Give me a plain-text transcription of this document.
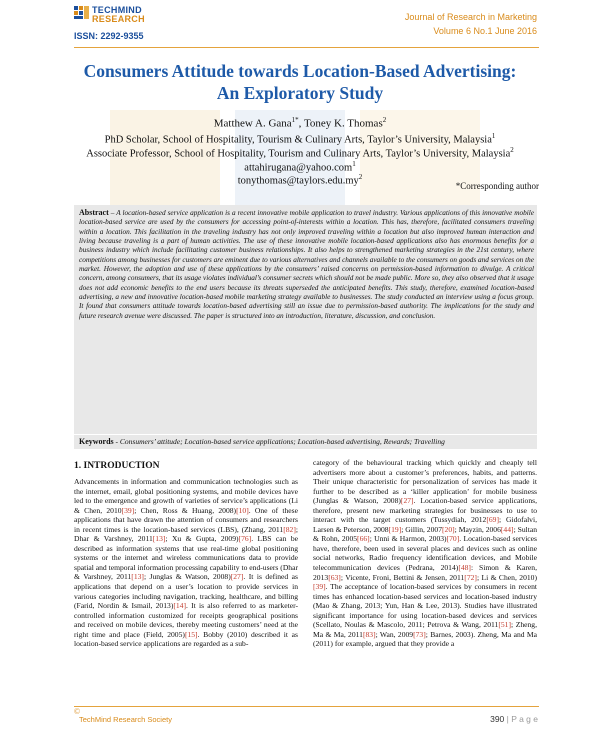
TECHMIND
RESEARCH
ISSN: 2292-9355
Journal of Research in Marketing
Volume 6 No.1 June 2016
Consumers Attitude towards Location-Based Advertising:
An Exploratory Study
Matthew A. Gana$^{1*}$, Toney K. Thomas$^2$
PhD Scholar, School of Hospitality, Tourism & Culinary Arts, Taylor’s University, Malaysia$^1$
Associate Professor, School of Hospitality, Tourism and Culinary Arts, Taylor’s University, Malaysia$^2$
attahirugana@yahoo.com$^1$
$tonythomas@taylors.edu.my^2$
*Corresponding author
Abstract – A location-based service application is a recent innovative mobile application to travel industry. Various applications of this innovative mobile location-based service are used by the consumers for accessing point-of-interests within a location. This has, therefore, facilitated consumers traveling within a location. This facilitation in the traveling industry has not only improved traveling within a location but also improved human interaction and living because traveling is a part of human activities. The use of these innovative mobile location-based applications also has enormous benefits for a business industry which include facilitating customer business relationships. It also helps to strengthened marketing strategies in the 21st century, where competitions among businesses for customers are eminent due to various alternatives and channels available to the consumers on goods and services on the market. However, the adoption and use of these applications by the consumers’ raised concerns on permission-based information to divulge. A critical concern, among consumers, that its usage violates individual’s consumer secrets which should not be made public. More so, they also observed that it usage does not add economic benefits to the end users because its threats superseded the anticipated benefits. This study, therefore, examined location-based advertising, a new and innovative location-based mobile marketing strategy available to businesses. The study conducted an interview using a focus group. It found that consumers attitude towards location-based advertising still an issue due to permission-based authority. The implications for the study and future research avenue were discussed. The paper is structured into an introduction, literature, discussion, and conclusion.
Keywords - Consumers’ attitude; Location-based service applications; Location-based advertising, Rewards; Travelling
1. INTRODUCTION
Advancements in information and communication technologies such as the internet, email, global positioning systems, and mobile devices have led to the emergence and growth of varieties of service’s applications (Li & Chen, 2010[39]; Chen, Ross & Huang, 2008)[10]. One of these applications that have drawn the attention of consumers and researchers in recent times is the location-based services (LBS), (Zhang, 2011[82]; Dhar & Varshney, 2011[13]; Xu & Gupta, 2009)[76]. LBS can be described as information systems that use real-time global positioning systems or the internet and wireless communications data to provide spatial and temporal information processing capability to end-users (Dhar & Varshney, 2011[13]; Junglas & Watson, 2008)[27]. It is defined as applications that depend on a user’s location to provide services in various categories including navigation, tracking, healthcare, and billing (Farid, Nordin & Ismail, 2013)[14]. It is also referred to as marketer-controlled information customized for receipts geographical positions and received on mobile devices, thereby meeting customers’ need at the right time and place (Field, 2005)[15]. Bobby (2010) described it as location-based service applications are regarded as a sub-
category of the behavioural tracking which quickly and cheaply tell advertisers more about a customer’s preferences, habits, and patterns. Their unique characteristic for personalization of services has made it further to be described as a ‘killer application’ for mobile business (Junglas & Watson, 2008)[27]. Location-based service applications, therefore, present new marketing strategies for businesses to use to interact with the target customers (Tussydiah, 2012[69]; Gidofalvi, Larsen & Peterson, 2008[19]; Gillin, 2007[20]; Mayzin, 2006[44]; Sultan & Rohn, 2005[66]; Unni & Harmon, 2003)[70]. Location-based services have, therefore, been used in several places and devices such as online social networks, Radio frequency identification devices, and Mobile telecommunication devices (Pedrana, 2014)[48]: Simon & Karen, 2013[63]; Vicente, Froni, Bettini & Jensen, 2011[72]; Li & Chen, 2010)[39]. The acceptance of location-based services by consumers in recent times has enhanced location-based services and location-based industry (Mao & Zhang, 2013; Yun, Han & Lee, 2013). Studies have illustrated significant importance for using location-based devices and services (Scellato, Noulas & Mascolo, 2011; Petrova & Wang, 2011[51]; Zheng, Ma & Ma, 2011[83]; Wan, 2009[73]; Barnes, 2003). Zheng, Ma and Ma (2011) for example, argued that they provide a
©
TechMind Research Society	390 | P a g e
